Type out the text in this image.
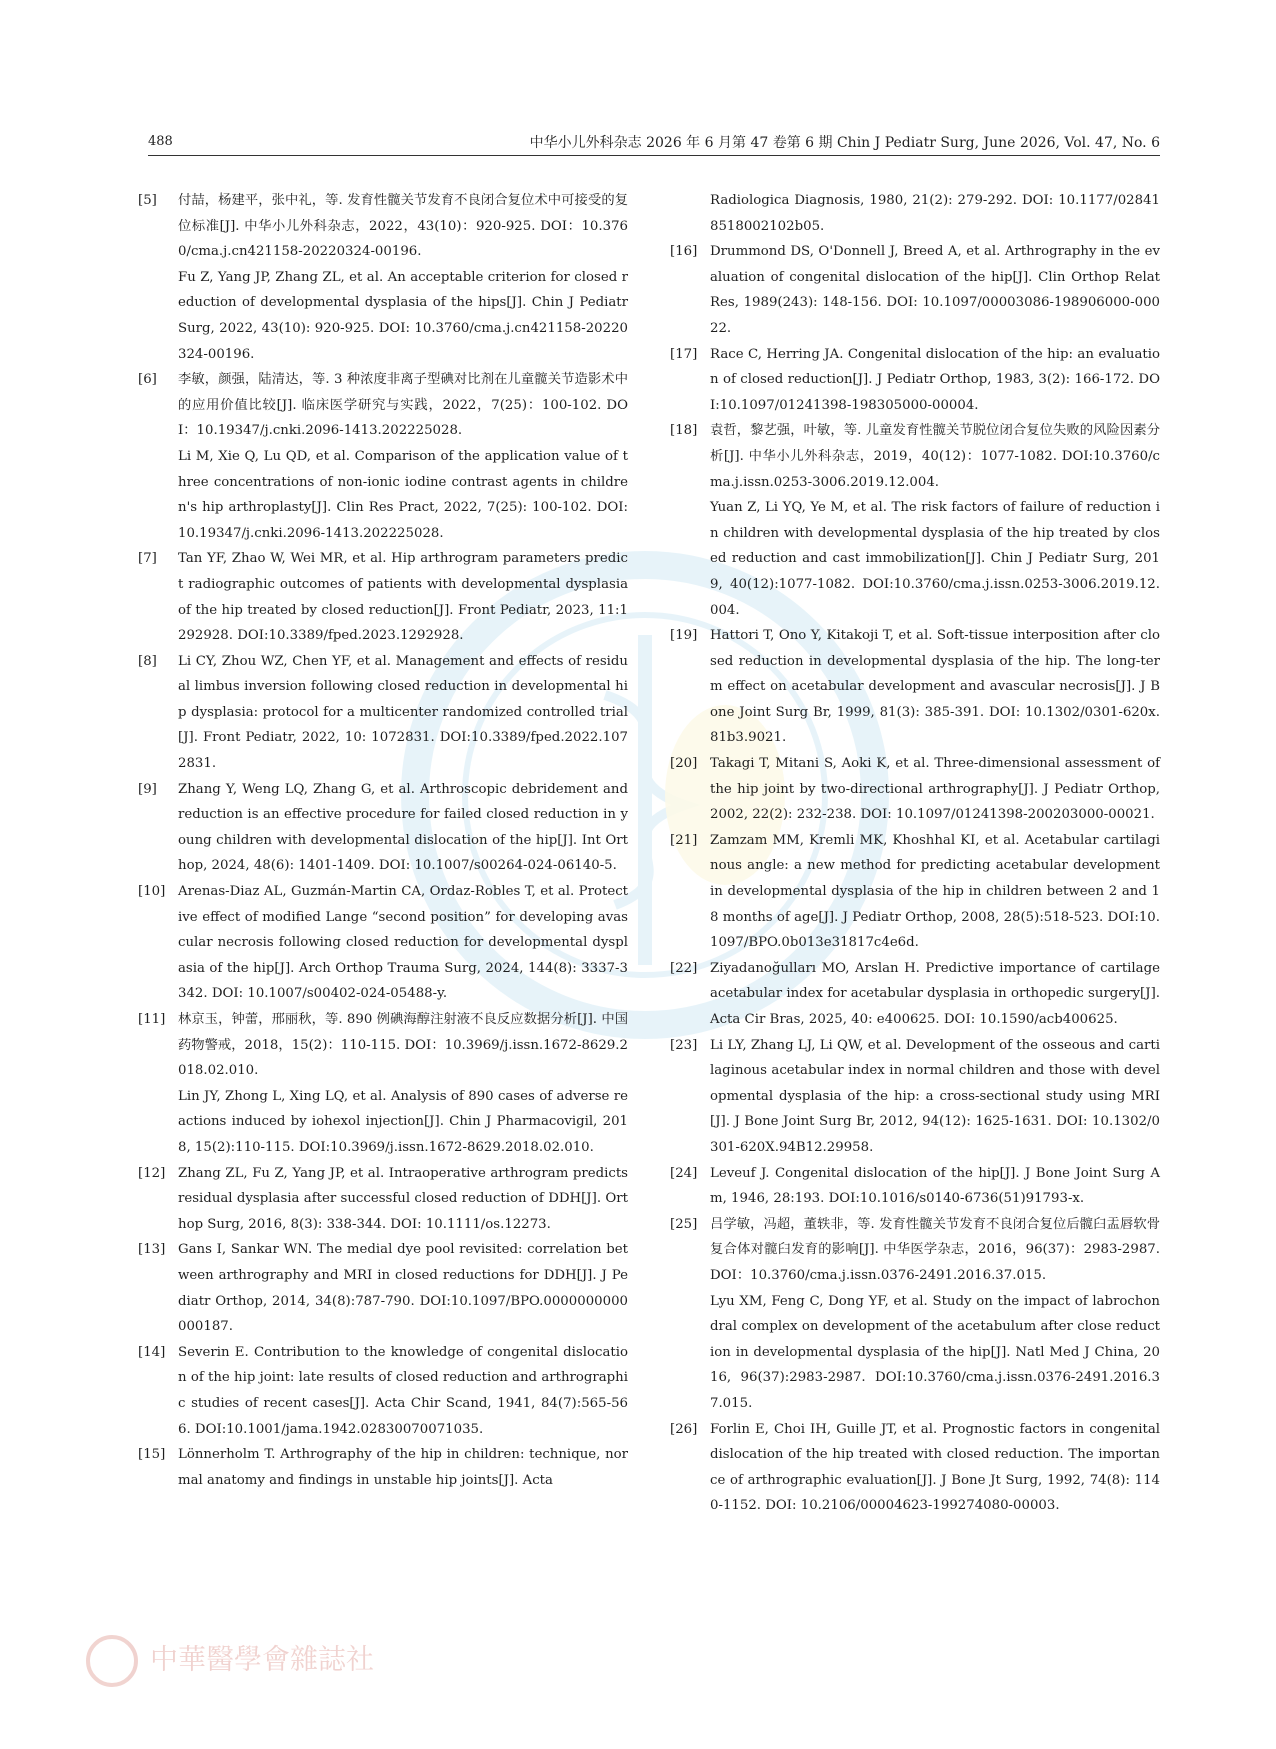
488	中华小儿外科杂志 2026 年 6 月第 47 卷第 6 期 Chin J Pediatr Surg, June 2026, Vol. 47, No. 6
[5] 付喆，杨建平，张中礼，等. 发育性髋关节发育不良闭合复位术中可接受的复位标准[J]. 中华小儿外科杂志，2022，43(10)：920-925. DOI：10.3760/cma.j.cn421158-20220324-00196.
Fu Z, Yang JP, Zhang ZL, et al. An acceptable criterion for closed reduction of developmental dysplasia of the hips[J]. Chin J Pediatr Surg, 2022, 43(10): 920-925. DOI: 10.3760/cma.j.cn421158-20220324-00196.
[6] 李敏，颜强，陆清达，等. 3 种浓度非离子型碘对比剂在儿童髋关节造影术中的应用价值比较[J]. 临床医学研究与实践，2022，7(25)：100-102. DOI：10.19347/j.cnki.2096-1413.202225028.
Li M, Xie Q, Lu QD, et al. Comparison of the application value of three concentrations of non-ionic iodine contrast agents in children's hip arthroplasty[J]. Clin Res Pract, 2022, 7(25): 100-102. DOI:10.19347/j.cnki.2096-1413.202225028.
[7] Tan YF, Zhao W, Wei MR, et al. Hip arthrogram parameters predict radiographic outcomes of patients with developmental dysplasia of the hip treated by closed reduction[J]. Front Pediatr, 2023, 11:1292928. DOI:10.3389/fped.2023.1292928.
[8] Li CY, Zhou WZ, Chen YF, et al. Management and effects of residual limbus inversion following closed reduction in developmental hip dysplasia: protocol for a multicenter randomized controlled trial[J]. Front Pediatr, 2022, 10: 1072831. DOI:10.3389/fped.2022.1072831.
[9] Zhang Y, Weng LQ, Zhang G, et al. Arthroscopic debridement and reduction is an effective procedure for failed closed reduction in young children with developmental dislocation of the hip[J]. Int Orthop, 2024, 48(6): 1401-1409. DOI: 10.1007/s00264-024-06140-5.
[10] Arenas-Diaz AL, Guzmán-Martin CA, Ordaz-Robles T, et al. Protective effect of modified Lange “second position” for developing avascular necrosis following closed reduction for developmental dysplasia of the hip[J]. Arch Orthop Trauma Surg, 2024, 144(8): 3337-3342. DOI: 10.1007/s00402-024-05488-y.
[11] 林京玉，钟蕾，邢丽秋，等. 890 例碘海醇注射液不良反应数据分析[J]. 中国药物警戒，2018，15(2)：110-115. DOI：10.3969/j.issn.1672-8629.2018.02.010.
Lin JY, Zhong L, Xing LQ, et al. Analysis of 890 cases of adverse reactions induced by iohexol injection[J]. Chin J Pharmacovigil, 2018, 15(2):110-115. DOI:10.3969/j.issn.1672-8629.2018.02.010.
[12] Zhang ZL, Fu Z, Yang JP, et al. Intraoperative arthrogram predicts residual dysplasia after successful closed reduction of DDH[J]. Orthop Surg, 2016, 8(3): 338-344. DOI: 10.1111/os.12273.
[13] Gans I, Sankar WN. The medial dye pool revisited: correlation between arthrography and MRI in closed reductions for DDH[J]. J Pediatr Orthop, 2014, 34(8):787-790. DOI:10.1097/BPO.0000000000000187.
[14] Severin E. Contribution to the knowledge of congenital dislocation of the hip joint: late results of closed reduction and arthrographic studies of recent cases[J]. Acta Chir Scand, 1941, 84(7):565-566. DOI:10.1001/jama.1942.02830070071035.
[15] Lönnerholm T. Arthrography of the hip in children: technique, normal anatomy and findings in unstable hip joints[J]. Acta
Radiologica Diagnosis, 1980, 21(2): 279-292. DOI: 10.1177/028418518002102b05.
[16] Drummond DS, O'Donnell J, Breed A, et al. Arthrography in the evaluation of congenital dislocation of the hip[J]. Clin Orthop Relat Res, 1989(243): 148-156. DOI: 10.1097/00003086-198906000-00022.
[17] Race C, Herring JA. Congenital dislocation of the hip: an evaluation of closed reduction[J]. J Pediatr Orthop, 1983, 3(2): 166-172. DOI:10.1097/01241398-198305000-00004.
[18] 袁哲，黎艺强，叶敏，等. 儿童发育性髋关节脱位闭合复位失败的风险因素分析[J]. 中华小儿外科杂志，2019，40(12)：1077-1082. DOI:10.3760/cma.j.issn.0253-3006.2019.12.004.
Yuan Z, Li YQ, Ye M, et al. The risk factors of failure of reduction in children with developmental dysplasia of the hip treated by closed reduction and cast immobilization[J]. Chin J Pediatr Surg, 2019, 40(12):1077-1082. DOI:10.3760/cma.j.issn.0253-3006.2019.12.004.
[19] Hattori T, Ono Y, Kitakoji T, et al. Soft-tissue interposition after closed reduction in developmental dysplasia of the hip. The long-term effect on acetabular development and avascular necrosis[J]. J Bone Joint Surg Br, 1999, 81(3): 385-391. DOI: 10.1302/0301-620x.81b3.9021.
[20] Takagi T, Mitani S, Aoki K, et al. Three-dimensional assessment of the hip joint by two-directional arthrography[J]. J Pediatr Orthop, 2002, 22(2): 232-238. DOI: 10.1097/01241398-200203000-00021.
[21] Zamzam MM, Kremli MK, Khoshhal KI, et al. Acetabular cartilaginous angle: a new method for predicting acetabular development in developmental dysplasia of the hip in children between 2 and 18 months of age[J]. J Pediatr Orthop, 2008, 28(5):518-523. DOI:10.1097/BPO.0b013e31817c4e6d.
[22] Ziyadanoğulları MO, Arslan H. Predictive importance of cartilage acetabular index for acetabular dysplasia in orthopedic surgery[J]. Acta Cir Bras, 2025, 40: e400625. DOI: 10.1590/acb400625.
[23] Li LY, Zhang LJ, Li QW, et al. Development of the osseous and cartilaginous acetabular index in normal children and those with developmental dysplasia of the hip: a cross-sectional study using MRI[J]. J Bone Joint Surg Br, 2012, 94(12): 1625-1631. DOI: 10.1302/0301-620X.94B12.29958.
[24] Leveuf J. Congenital dislocation of the hip[J]. J Bone Joint Surg Am, 1946, 28:193. DOI:10.1016/s0140-6736(51)91793-x.
[25] 吕学敏，冯超，董轶非，等. 发育性髋关节发育不良闭合复位后髋臼盂唇软骨复合体对髋臼发育的影响[J]. 中华医学杂志，2016，96(37)：2983-2987. DOI：10.3760/cma.j.issn.0376-2491.2016.37.015.
Lyu XM, Feng C, Dong YF, et al. Study on the impact of labrochondral complex on development of the acetabulum after close reduction in developmental dysplasia of the hip[J]. Natl Med J China, 2016, 96(37):2983-2987. DOI:10.3760/cma.j.issn.0376-2491.2016.37.015.
[26] Forlin E, Choi IH, Guille JT, et al. Prognostic factors in congenital dislocation of the hip treated with closed reduction. The importance of arthrographic evaluation[J]. J Bone Jt Surg, 1992, 74(8): 1140-1152. DOI: 10.2106/00004623-199274080-00003.
中華醫學會雜誌社
